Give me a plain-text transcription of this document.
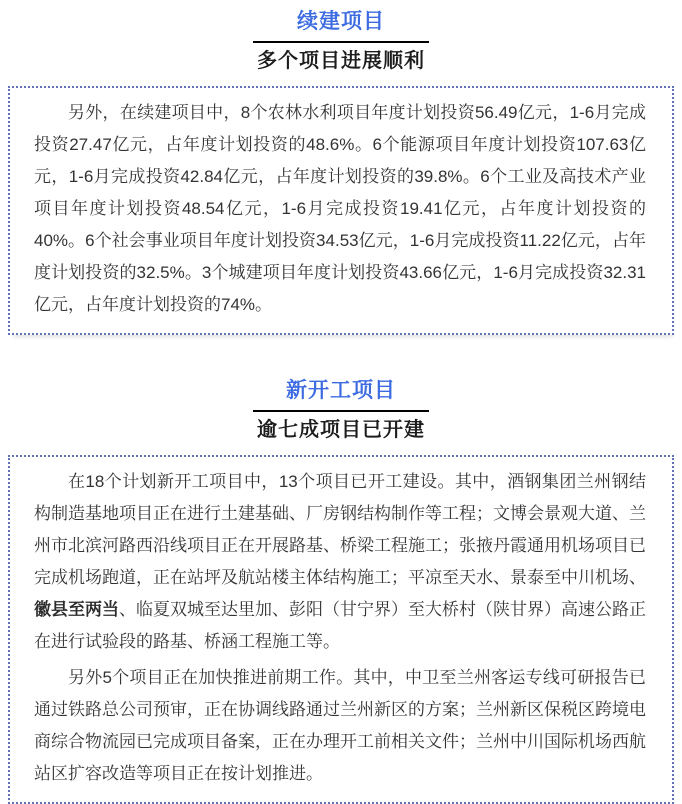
续建项目
多个项目进展顺利

另外，在续建项目中，8个农林水利项目年度计划投资56.49亿元，1-6月完成投资27.47亿元，占年度计划投资的48.6%。6个能源项目年度计划投资107.63亿元，1-6月完成投资42.84亿元，占年度计划投资的39.8%。6个工业及高技术产业项目年度计划投资48.54亿元，1-6月完成投资19.41亿元，占年度计划投资的40%。6个社会事业项目年度计划投资34.53亿元，1-6月完成投资11.22亿元，占年度计划投资的32.5%。3个城建项目年度计划投资43.66亿元，1-6月完成投资32.31亿元，占年度计划投资的74%。

新开工项目
逾七成项目已开建

在18个计划新开工项目中，13个项目已开工建设。其中，酒钢集团兰州钢结构制造基地项目正在进行土建基础、厂房钢结构制作等工程；文博会景观大道、兰州市北滨河路西沿线项目正在开展路基、桥梁工程施工；张掖丹霞通用机场项目已完成机场跑道，正在站坪及航站楼主体结构施工；平凉至天水、景泰至中川机场、徽县至两当、临夏双城至达里加、彭阳（甘宁界）至大桥村（陕甘界）高速公路正在进行试验段的路基、桥涵工程施工等。

另外5个项目正在加快推进前期工作。其中，中卫至兰州客运专线可研报告已通过铁路总公司预审，正在协调线路通过兰州新区的方案；兰州新区保税区跨境电商综合物流园已完成项目备案，正在办理开工前相关文件；兰州中川国际机场西航站区扩容改造等项目正在按计划推进。
